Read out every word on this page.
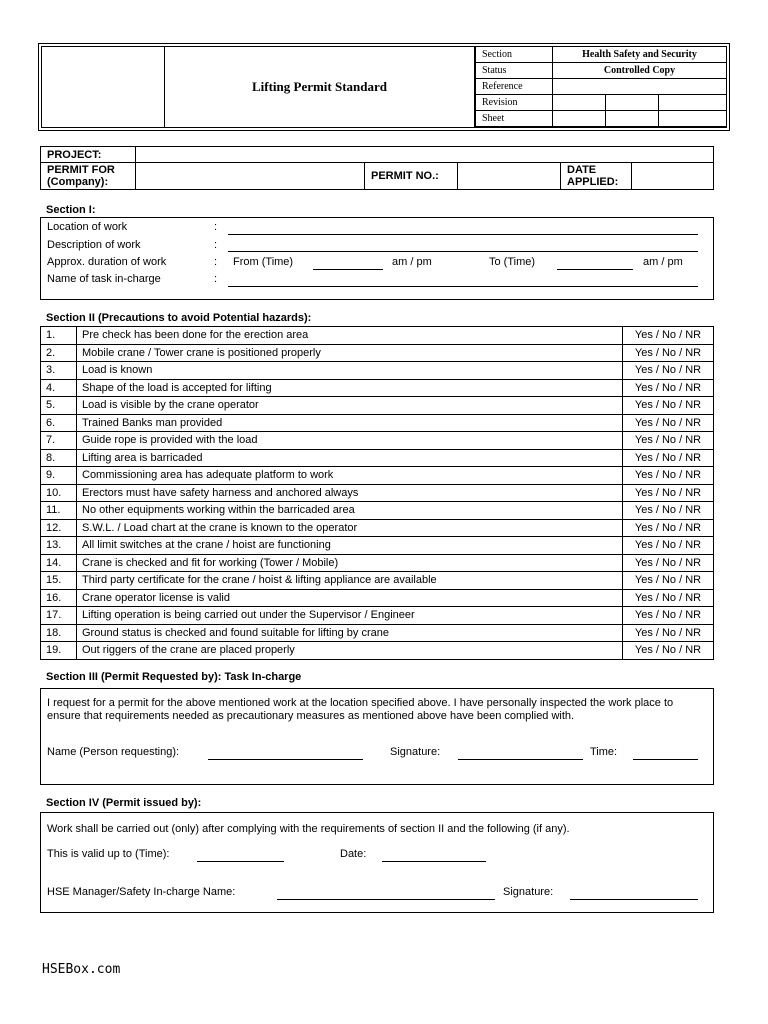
Lifting Permit Standard
Section	Health Safety and Security		
Status	Controlled Copy		
Reference			
Revision			
Sheet			
PROJECT:					
PERMIT FOR (Company):		PERMIT NO.:		DATE APPLIED:	
Section I:
Location of work	:
Description of work	:
Approx. duration of work	: From (Time)	am / pm	To (Time)	am / pm
Name of task in-charge	:
Section II (Precautions to avoid Potential hazards):
1.	Pre check has been done for the erection area	Yes / No / NR
2.	Mobile crane / Tower crane is positioned properly	Yes / No / NR
3.	Load is known	Yes / No / NR
4.	Shape of the load is accepted for lifting	Yes / No / NR
5.	Load is visible by the crane operator	Yes / No / NR
6.	Trained Banks man provided	Yes / No / NR
7.	Guide rope is provided with the load	Yes / No / NR
8.	Lifting area is barricaded	Yes / No / NR
9.	Commissioning area has adequate platform to work	Yes / No / NR
10.	Erectors must have safety harness and anchored always	Yes / No / NR
11.	No other equipments working within the barricaded area	Yes / No / NR
12.	S.W.L. / Load chart at the crane is known to the operator	Yes / No / NR
13.	All limit switches at the crane / hoist are functioning	Yes / No / NR
14.	Crane is checked and fit for working (Tower / Mobile)	Yes / No / NR
15.	Third party certificate for the crane / hoist & lifting appliance are available	Yes / No / NR
16.	Crane operator license is valid	Yes / No / NR
17.	Lifting operation is being carried out under the Supervisor / Engineer	Yes / No / NR
18.	Ground status is checked and found suitable for lifting by crane	Yes / No / NR
19.	Out riggers of the crane are placed properly	Yes / No / NR
Section III (Permit Requested by): Task In-charge
I request for a permit for the above mentioned work at the location specified above. I have personally inspected the work place to
ensure that requirements needed as precautionary measures as mentioned above have been complied with.
Name (Person requesting):	Signature:	Time:
Section IV (Permit issued by):
Work shall be carried out (only) after complying with the requirements of section II and the following (if any).
This is valid up to (Time):	Date:
HSE Manager/Safety In-charge Name:	Signature:
HSEBox.com
